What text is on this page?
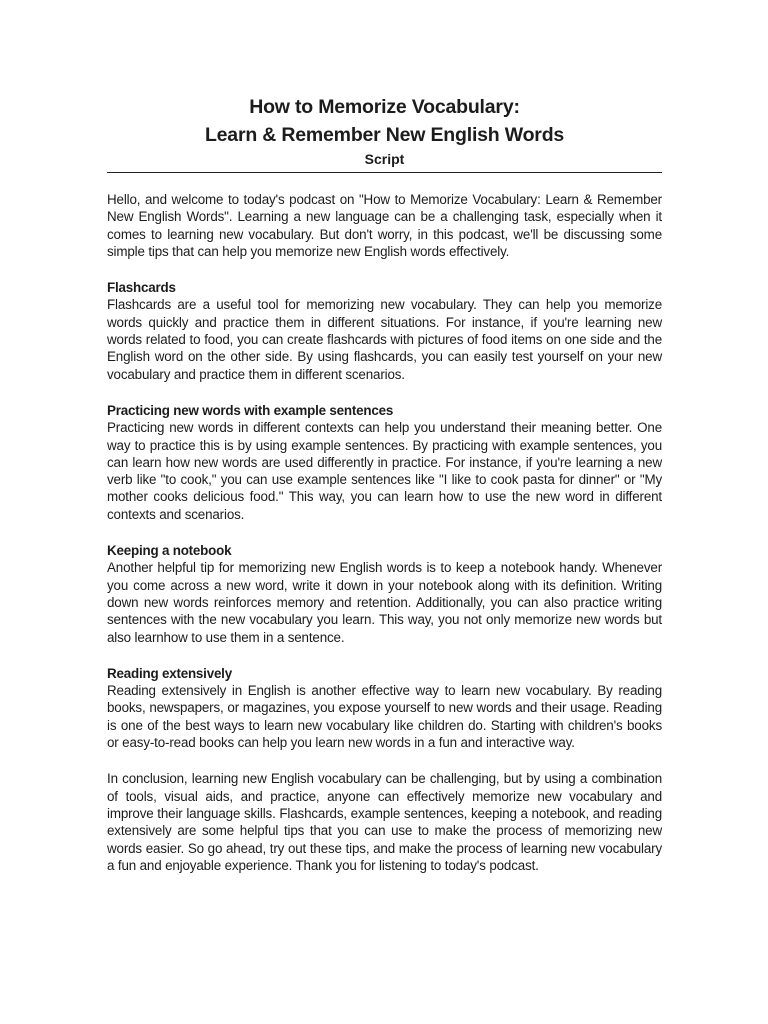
How to Memorize Vocabulary:
Learn & Remember New English Words
Script

Hello, and welcome to today's podcast on "How to Memorize Vocabulary: Learn & Remember New English Words". Learning a new language can be a challenging task, especially when it comes to learning new vocabulary. But don't worry, in this podcast, we'll be discussing some simple tips that can help you memorize new English words effectively.

Flashcards

Flashcards are a useful tool for memorizing new vocabulary. They can help you memorize words quickly and practice them in different situations. For instance, if you're learning new words related to food, you can create flashcards with pictures of food items on one side and the English word on the other side. By using flashcards, you can easily test yourself on your new vocabulary and practice them in different scenarios.

Practicing new words with example sentences

Practicing new words in different contexts can help you understand their meaning better. One way to practice this is by using example sentences. By practicing with example sentences, you can learn how new words are used differently in practice. For instance, if you're learning a new verb like "to cook," you can use example sentences like "I like to cook pasta for dinner" or "My mother cooks delicious food." This way, you can learn how to use the new word in different contexts and scenarios.

Keeping a notebook

Another helpful tip for memorizing new English words is to keep a notebook handy. Whenever you come across a new word, write it down in your notebook along with its definition. Writing down new words reinforces memory and retention. Additionally, you can also practice writing sentences with the new vocabulary you learn. This way, you not only memorize new words but also learnhow to use them in a sentence.

Reading extensively

Reading extensively in English is another effective way to learn new vocabulary. By reading books, newspapers, or magazines, you expose yourself to new words and their usage. Reading is one of the best ways to learn new vocabulary like children do. Starting with children's books or easy-to-read books can help you learn new words in a fun and interactive way.

In conclusion, learning new English vocabulary can be challenging, but by using a combination of tools, visual aids, and practice, anyone can effectively memorize new vocabulary and improve their language skills. Flashcards, example sentences, keeping a notebook, and reading extensively are some helpful tips that you can use to make the process of memorizing new words easier. So go ahead, try out these tips, and make the process of learning new vocabulary a fun and enjoyable experience. Thank you for listening to today's podcast.
